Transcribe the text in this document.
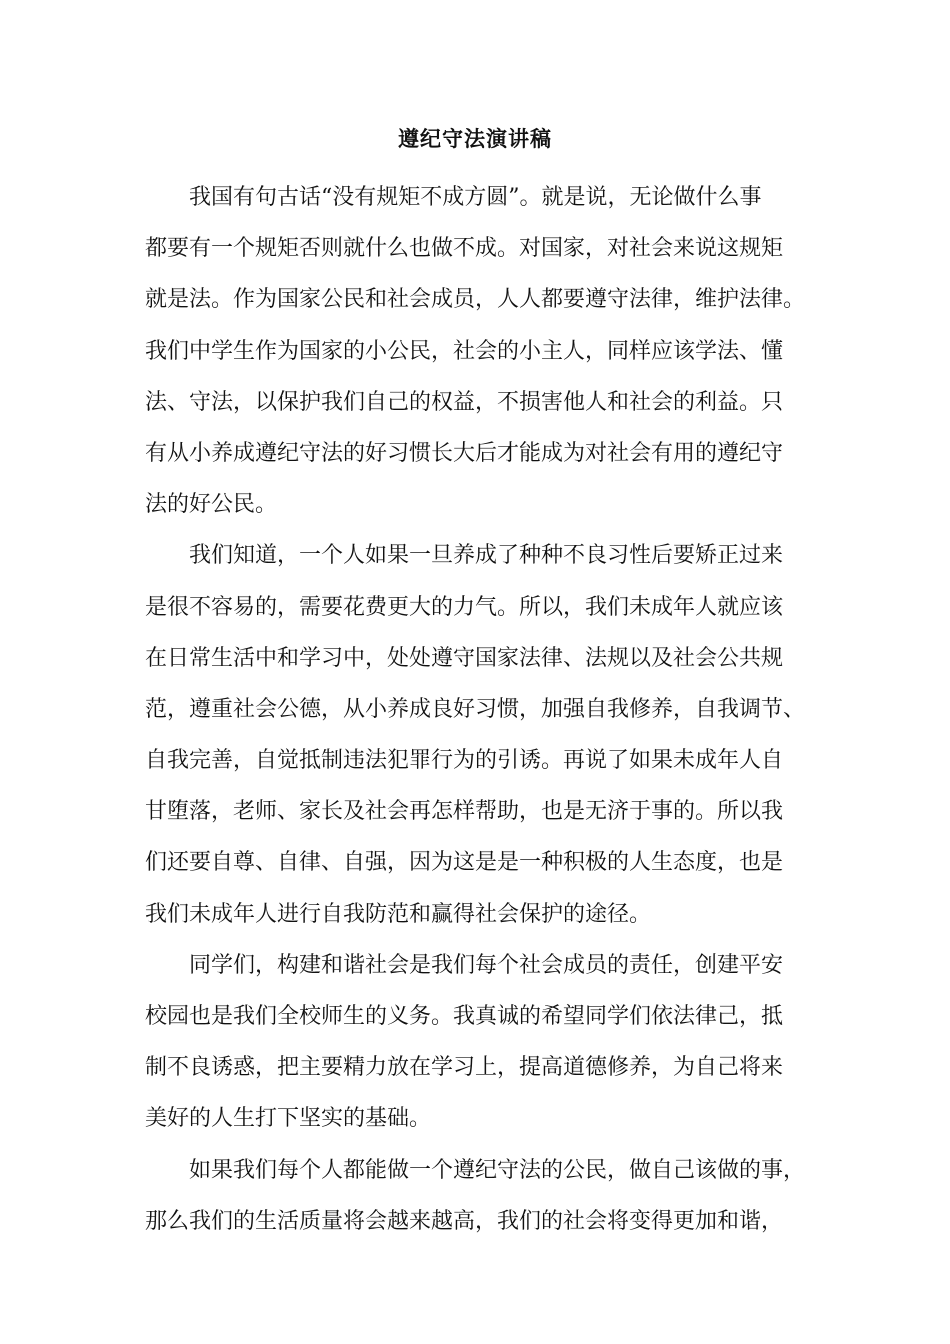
遵纪守法演讲稿

我国有句古话“没有规矩不成方圆”。就是说，无论做什么事
都要有一个规矩否则就什么也做不成。对国家，对社会来说这规矩
就是法。作为国家公民和社会成员，人人都要遵守法律，维护法律。
我们中学生作为国家的小公民，社会的小主人，同样应该学法、懂
法、守法，以保护我们自己的权益，不损害他人和社会的利益。只
有从小养成遵纪守法的好习惯长大后才能成为对社会有用的遵纪守
法的好公民。

我们知道，一个人如果一旦养成了种种不良习性后要矫正过来
是很不容易的，需要花费更大的力气。所以，我们未成年人就应该
在日常生活中和学习中，处处遵守国家法律、法规以及社会公共规
范，遵重社会公德，从小养成良好习惯，加强自我修养，自我调节、
自我完善，自觉抵制违法犯罪行为的引诱。再说了如果未成年人自
甘堕落，老师、家长及社会再怎样帮助，也是无济于事的。所以我
们还要自尊、自律、自强，因为这是是一种积极的人生态度，也是
我们未成年人进行自我防范和赢得社会保护的途径。

同学们，构建和谐社会是我们每个社会成员的责任，创建平安
校园也是我们全校师生的义务。我真诚的希望同学们依法律己，抵
制不良诱惑，把主要精力放在学习上，提高道德修养，为自己将来
美好的人生打下坚实的基础。

如果我们每个人都能做一个遵纪守法的公民，做自己该做的事，
那么我们的生活质量将会越来越高，我们的社会将变得更加和谐，
